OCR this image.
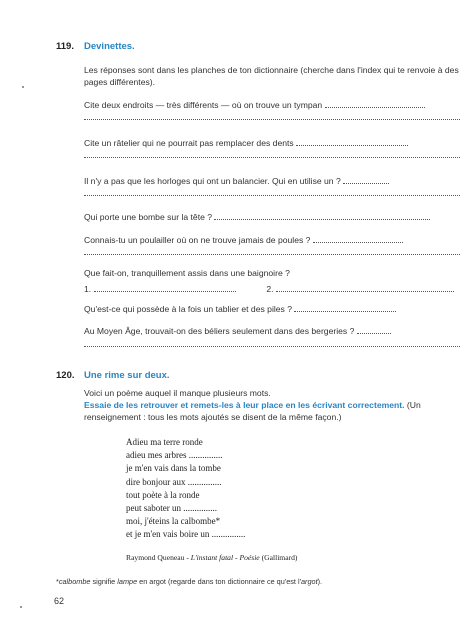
119. Devinettes.
Les réponses sont dans les planches de ton dictionnaire (cherche dans l'index qui te renvoie à des pages différentes).
Cite deux endroits — très différents — où on trouve un tympan
Cite un râtelier qui ne pourrait pas remplacer des dents
Il n'y a pas que les horloges qui ont un balancier. Qui en utilise un ?
Qui porte une bombe sur la tête ?
Connais-tu un poulailler où on ne trouve jamais de poules ?
Que fait-on, tranquillement assis dans une baignoire ?
1.	2.
Qu'est-ce qui possède à la fois un tablier et des piles ?
Au Moyen Âge, trouvait-on des béliers seulement dans des bergeries ?
120. Une rime sur deux.
Voici un poème auquel il manque plusieurs mots.
Essaie de les retrouver et remets-les à leur place en les écrivant correctement. (Un renseignement : tous les mots ajoutés se disent de la même façon.)
Adieu ma terre ronde
adieu mes arbres ...............
je m'en vais dans la tombe
dire bonjour aux ...............
tout poète à la ronde
peut saboter un ...............
moi, j'éteins la calbombe*
et je m'en vais boire un ...............
Raymond Queneau - L'instant fatal - Poésie (Gallimard)
*calbombe signifie lampe en argot (regarde dans ton dictionnaire ce qu'est l'argot).
62
